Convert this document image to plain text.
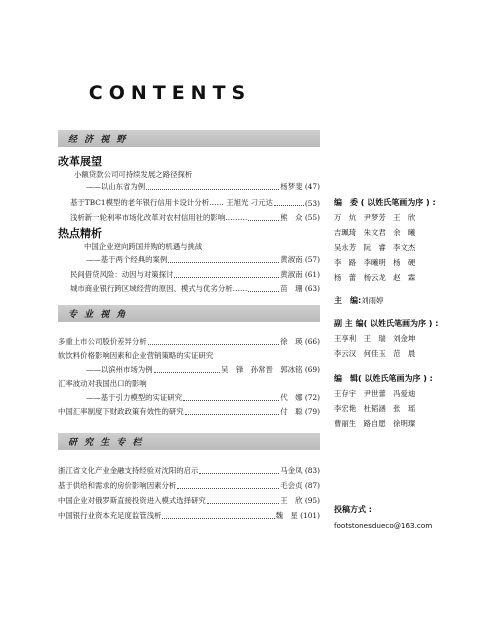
CONTENTS
经 济 视 野
改革展望
小额贷款公司可持续发展之路径探析
——以山东省为例	杨梦斐 (47)
基于TBC1模型的老年银行信用卡设计分析…… 王旭光 刁元达	(53)
浅析新一轮利率市场化改革对农村信用社的影响………	熊　众 (55)
热点精析
中国企业逆向跨国并购的机遇与挑战
——基于两个经典的案例	黄淑南 (57)
民间借贷风险：动因与对策探讨	黄淑南 (61)
城市商业银行跨区域经营的原因、模式与优劣分析……	苗　珊 (63)
专 业 视 角
多重上市公司股价差异分析	徐　瑛 (66)
软饮料价格影响因素和企业营销策略的实证研究
——以滨州市场为例	吴　锋　孙常晋　郭冰铭 (69)
汇率波动对我国出口的影响
——基于引力模型的实证研究	代　娜 (72)
中国汇率制度下财政政策有效性的研究	付　聪 (79)
研 究 生 专 栏
浙江省文化产业金融支持经验对沈阳的启示	马金凤 (83)
基于供给和需求的房价影响因素分析	毛会贞 (87)
中国企业对俄罗斯直接投资进入模式选择研究	王　欣 (95)
中国银行业资本充足度监管浅析	魏　星 (101)
编　委 ( 以姓氏笔画为序 ) :
万　炕　尹梦芳　王　欣
吉珮琦　朱文君　余　曦
吴永芳　阮　睿　李文杰
李　路　李曦明　杨　硬
杨　蕾　杨云龙　赵　霖
主　编:刘雨婷
副 主 编( 以姓氏笔画为序 ) :
王享利　王　瑞　刘金坤
李云汉　何佳玉　范　晨
编　辑( 以姓氏笔画为序 ) :
王存宇　尹世蕾　冯爱迪
李宏艳　杜韬涵　张　瑶
曹丽生　路自愿　徐明璨
投稿方式 :
footstonesdueco@163.com
